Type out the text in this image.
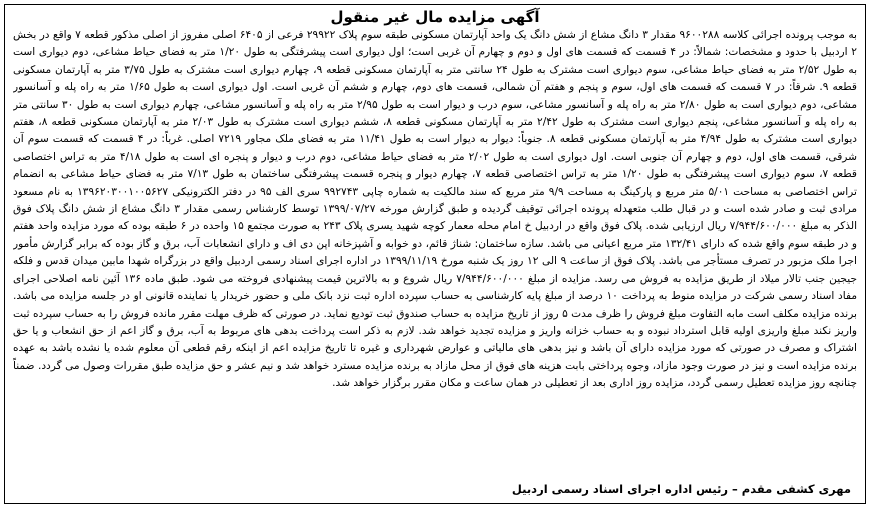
آگهی مزایده مال غیر منقول
به موجب پرونده اجرائی کلاسه ۹۶۰۰۲۸۸ مقدار ۳ دانگ مشاع از شش دانگ یک واحد آپارتمان مسکونی طبقه سوم پلاک ۲۹۹۲۲ فرعی از ۶۴۰۵ اصلی مفروز از اصلی مذکور قطعه ۷ واقع در بخش ۲ اردبیل با حدود و مشخصات: شمالاً: در ۴ قسمت که قسمت های اول و دوم و چهارم آن غربی است؛ اول دیواری است پیشرفتگی به طول ۱/۲۰ متر به فضای حیاط مشاعی، دوم دیواری است به طول ۲/۵۲ متر به فضای حیاط مشاعی، سوم دیواری است مشترک به طول ۲۴ سانتی متر به آپارتمان مسکونی قطعه ۹، چهارم دیواری است مشترک به طول ۳/۷۵ متر به آپارتمان مسکونی قطعه ۹. شرقاً: در ۷ قسمت که قسمت های اول، سوم و پنجم و هفتم آن شمالی، قسمت های دوم، چهارم و ششم آن غربی است. اول دیواری است به طول ۱/۶۵ متر به راه پله و آسانسور مشاعی، دوم دیواری است به طول ۲/۸۰ متر به راه پله و آسانسور مشاعی، سوم درب و دیوار است به طول ۲/۹۵ متر به راه پله و آسانسور مشاعی، چهارم دیواری است به طول ۳۰ سانتی متر به راه پله و آسانسور مشاعی، پنجم دیواری است مشترک به طول ۲/۴۲ متر به آپارتمان مسکونی قطعه ۸، ششم دیواری است مشترک به طول ۲/۰۳ متر به آپارتمان مسکونی قطعه ۸، هفتم دیواری است مشترک به طول ۴/۹۴ متر به آپارتمان مسکونی قطعه ۸. جنوباً: دیوار به دیوار است به طول ۱۱/۴۱ متر به فضای ملک مجاور ۷۲۱۹ اصلی. غرباً: در ۴ قسمت که قسمت سوم آن شرقی، قسمت های اول، دوم و چهارم آن جنوبی است. اول دیواری است به طول ۲/۰۲ متر به فضای حیاط مشاعی، دوم درب و دیوار و پنجره ای است به طول ۴/۱۸ متر به تراس اختصاصی قطعه ۷، سوم دیواری است پیشرفتگی به طول ۱/۲۰ متر به تراس اختصاصی قطعه ۷، چهارم دیوار و پنجره قسمت پیشرفتگی ساختمان به طول ۷/۱۳ متر به فضای حیاط مشاعی به انضمام تراس اختصاصی به مساحت ۵/۰۱ متر مربع و پارکینگ به مساحت ۹/۹ متر مربع که سند مالکیت به شماره چاپی ۹۹۲۷۴۳ سری الف ۹۵ در دفتر الکترونیکی ۱۳۹۶۲۰۳۰۰۱۰۰۵۶۲۷ به نام مسعود مرادی ثبت و صادر شده است و در قبال طلب متعهدله پرونده اجرائی توقیف گردیده و طبق گزارش مورخه ۱۳۹۹/۰۷/۲۷ توسط کارشناس رسمی مقدار ۳ دانگ مشاع از شش دانگ پلاک فوق الذکر به مبلغ ۷/۹۴۴/۶۰۰/۰۰۰ ریال ارزیابی شده. پلاک فوق واقع در اردبیل خ امام محله معمار کوچه شهید یسری پلاک ۲۴۳ به صورت مجتمع ۱۵ واحده در ۶ طبقه بوده که مورد مزایده واحد هفتم و در طبقه سوم واقع شده که دارای ۱۳۲/۴۱ متر مربع اعیانی می باشد. سازه ساختمان: شناژ قائم، دو خوابه و آشپزخانه اپن دی اف و دارای انشعابات آب، برق و گاز بوده که برابر گزارش مأمور اجرا ملک مزبور در تصرف مستأجر می باشد. پلاک فوق از ساعت ۹ الی ۱۲ روز یک شنبه مورخ ۱۳۹۹/۱۱/۱۹ در اداره اجرای اسناد رسمی اردبیل واقع در بزرگراه شهدا مابین میدان قدس و فلکه جیجین جنب تالار میلاد از طریق مزایده به فروش می رسد. مزایده از مبلغ ۷/۹۴۴/۶۰۰/۰۰۰ ریال شروع و به بالاترین قیمت پیشنهادی فروخته می شود. طبق ماده ۱۳۶ آئین نامه اصلاحی اجرای مفاد اسناد رسمی شرکت در مزایده منوط به پرداخت ۱۰ درصد از مبلغ پایه کارشناسی به حساب سپرده اداره ثبت نزد بانک ملی و حضور خریدار یا نماینده قانونی او در جلسه مزایده می باشد. برنده مزایده مکلف است مابه التفاوت مبلغ فروش را ظرف مدت ۵ روز از تاریخ مزایده به حساب صندوق ثبت تودیع نماید. در صورتی که ظرف مهلت مقرر مانده فروش را به حساب سپرده ثبت واریز نکند مبلغ واریزی اولیه قابل استرداد نبوده و به حساب خزانه واریز و مزایده تجدید خواهد شد. لازم به ذکر است پرداخت بدهی های مربوط به آب، برق و گاز اعم از حق انشعاب و یا حق اشتراک و مصرف در صورتی که مورد مزایده دارای آن باشد و نیز بدهی های مالیاتی و عوارض شهرداری و غیره تا تاریخ مزایده اعم از اینکه رقم قطعی آن معلوم شده یا نشده باشد به عهده برنده مزایده است و نیز در صورت وجود مازاد، وجوه پرداختی بابت هزینه های فوق از محل مازاد به برنده مزایده مسترد خواهد شد و نیم عشر و حق مزایده طبق مقررات وصول می گردد. ضمناً چنانچه روز مزایده تعطیل رسمی گردد، مزایده روز اداری بعد از تعطیلی در همان ساعت و مکان مقرر برگزار خواهد شد.
مهری کشفی مقدم – رئیس اداره اجرای اسناد رسمی اردبیل
